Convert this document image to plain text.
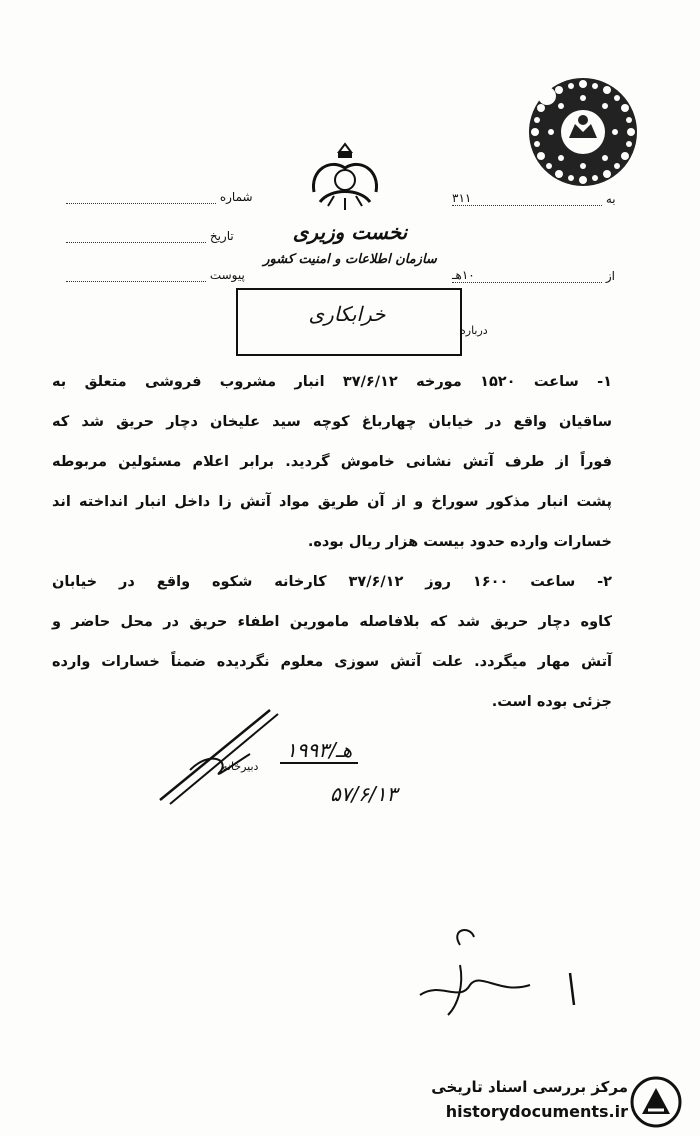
نخست وزیری
سازمان اطلاعات و امنیت کشور
شماره
تاریخ
پیوست
به ۳۱۱
از ۱۰هـ
خرابکاری
درباره
۱- ساعت ۱۵۲۰ مورخه ۳۷/۶/۱۲ انبار مشروب فروشی متعلق به
ساقیان واقع در خیابان چهارباغ کوچه سید علیخان دچار حریق شد که
فوراً از طرف آتش نشانی خاموش گردید. برابر اعلام مسئولین مربوطه
پشت انبار مذکور سوراخ و از آن طریق مواد آتش زا داخل انبار انداخته اند
خسارات وارده حدود بیست هزار ریال بوده.
۲- ساعت ۱۶۰۰ روز ۳۷/۶/۱۲ کارخانه شکوه واقع در خیابان
کاوه دچار حریق شد که بلافاصله مامورین اطفاء حریق در محل حاضر و
آتش مهار میگردد. علت آتش سوزی معلوم نگردیده ضمناً خسارات وارده
جزئی بوده است.
دبیرخانه
۱هـ/۹۹۳
۵۷/۶/۱۳
مرکز بررسی اسناد تاریخی
historydocuments.ir
